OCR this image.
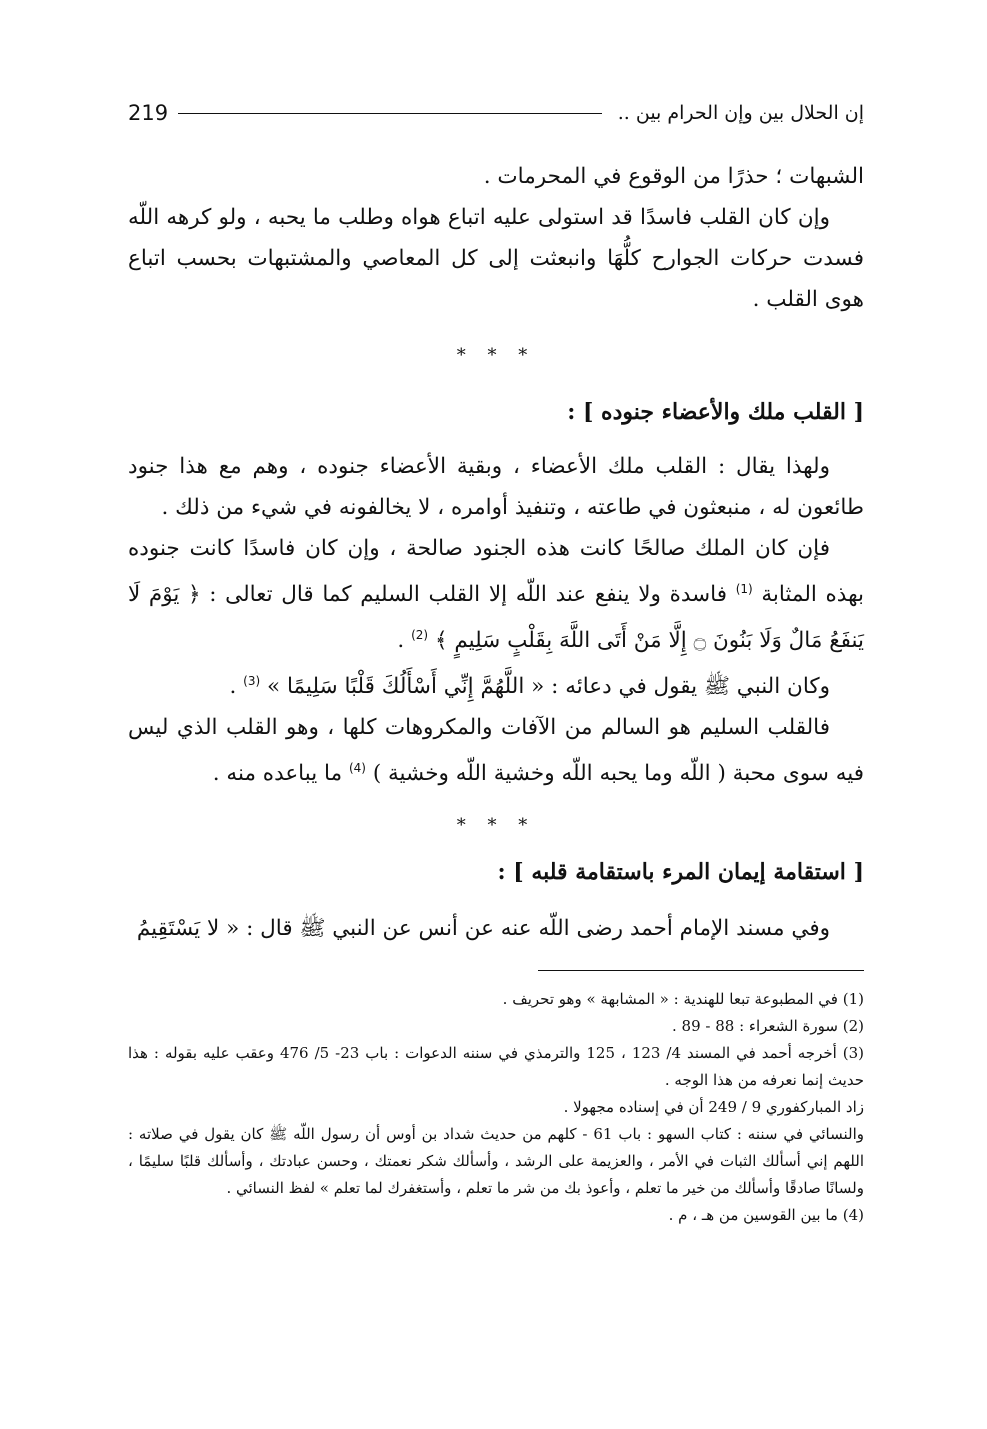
إن الحلال بين وإن الحرام بين ..
219

الشبهات ؛ حذرًا من الوقوع في المحرمات .

وإن كان القلب فاسدًا قد استولى عليه اتباع هواه وطلب ما يحبه ، ولو كرهه اللّه فسدت حركات الجوارح كلُّهَا وانبعثت إلى كل المعاصي والمشتبهات بحسب اتباع هوى القلب .

* * *
[ القلب ملك والأعضاء جنوده ] :

ولهذا يقال : القلب ملك الأعضاء ، وبقية الأعضاء جنوده ، وهم مع هذا جنود طائعون له ، منبعثون في طاعته ، وتنفيذ أوامره ، لا يخالفونه في شيء من ذلك .

فإن كان الملك صالحًا كانت هذه الجنود صالحة ، وإن كان فاسدًا كانت جنوده بهذه المثابة $^{(1)}$ فاسدة ولا ينفع عند اللّه إلا القلب السليم كما قال تعالى : ﴿ يَوْمَ لَا يَنفَعُ مَالٌ وَلَا بَنُونَ ۝ إِلَّا مَنْ أَتَى اللَّهَ بِقَلْبٍ سَلِيمٍ ﴾ $^{(2)}$ .

وكان النبي ﷺ يقول في دعائه : « اللَّهُمَّ إِنِّي أَسْأَلُكَ قَلْبًا سَلِيمًا » $^{(3)}$ .

فالقلب السليم هو السالم من الآفات والمكروهات كلها ، وهو القلب الذي ليس فيه سوى محبة ( اللّه وما يحبه اللّه وخشية اللّه وخشية ) $^{(4)}$ ما يباعده منه .

* * *
[ استقامة إيمان المرء باستقامة قلبه ] :

وفي مسند الإمام أحمد رضى اللّه عنه عن أنس عن النبي ﷺ قال : « لا يَسْتَقِيمُ

(1) في المطبوعة تبعا للهندية : « المشابهة » وهو تحريف .

(2) سورة الشعراء : 88 - 89 .

(3) أخرجه أحمد في المسند 4/ 123 ، 125 والترمذي في سننه الدعوات : باب 23- 5/ 476 وعقب عليه بقوله : هذا حديث إنما نعرفه من هذا الوجه .

زاد المباركفوري 9 / 249 أن في إسناده مجهولا .

والنسائي في سننه : كتاب السهو : باب 61 - كلهم من حديث شداد بن أوس أن رسول اللّه ﷺ كان يقول في صلاته : اللهم إني أسألك الثبات في الأمر ، والعزيمة على الرشد ، وأسألك شكر نعمتك ، وحسن عبادتك ، وأسألك قلبًا سليمًا ، ولسانًا صادقًا وأسألك من خير ما تعلم ، وأعوذ بك من شر ما تعلم ، وأستغفرك لما تعلم » لفظ النسائي .

(4) ما بين القوسين من هـ ، م .
